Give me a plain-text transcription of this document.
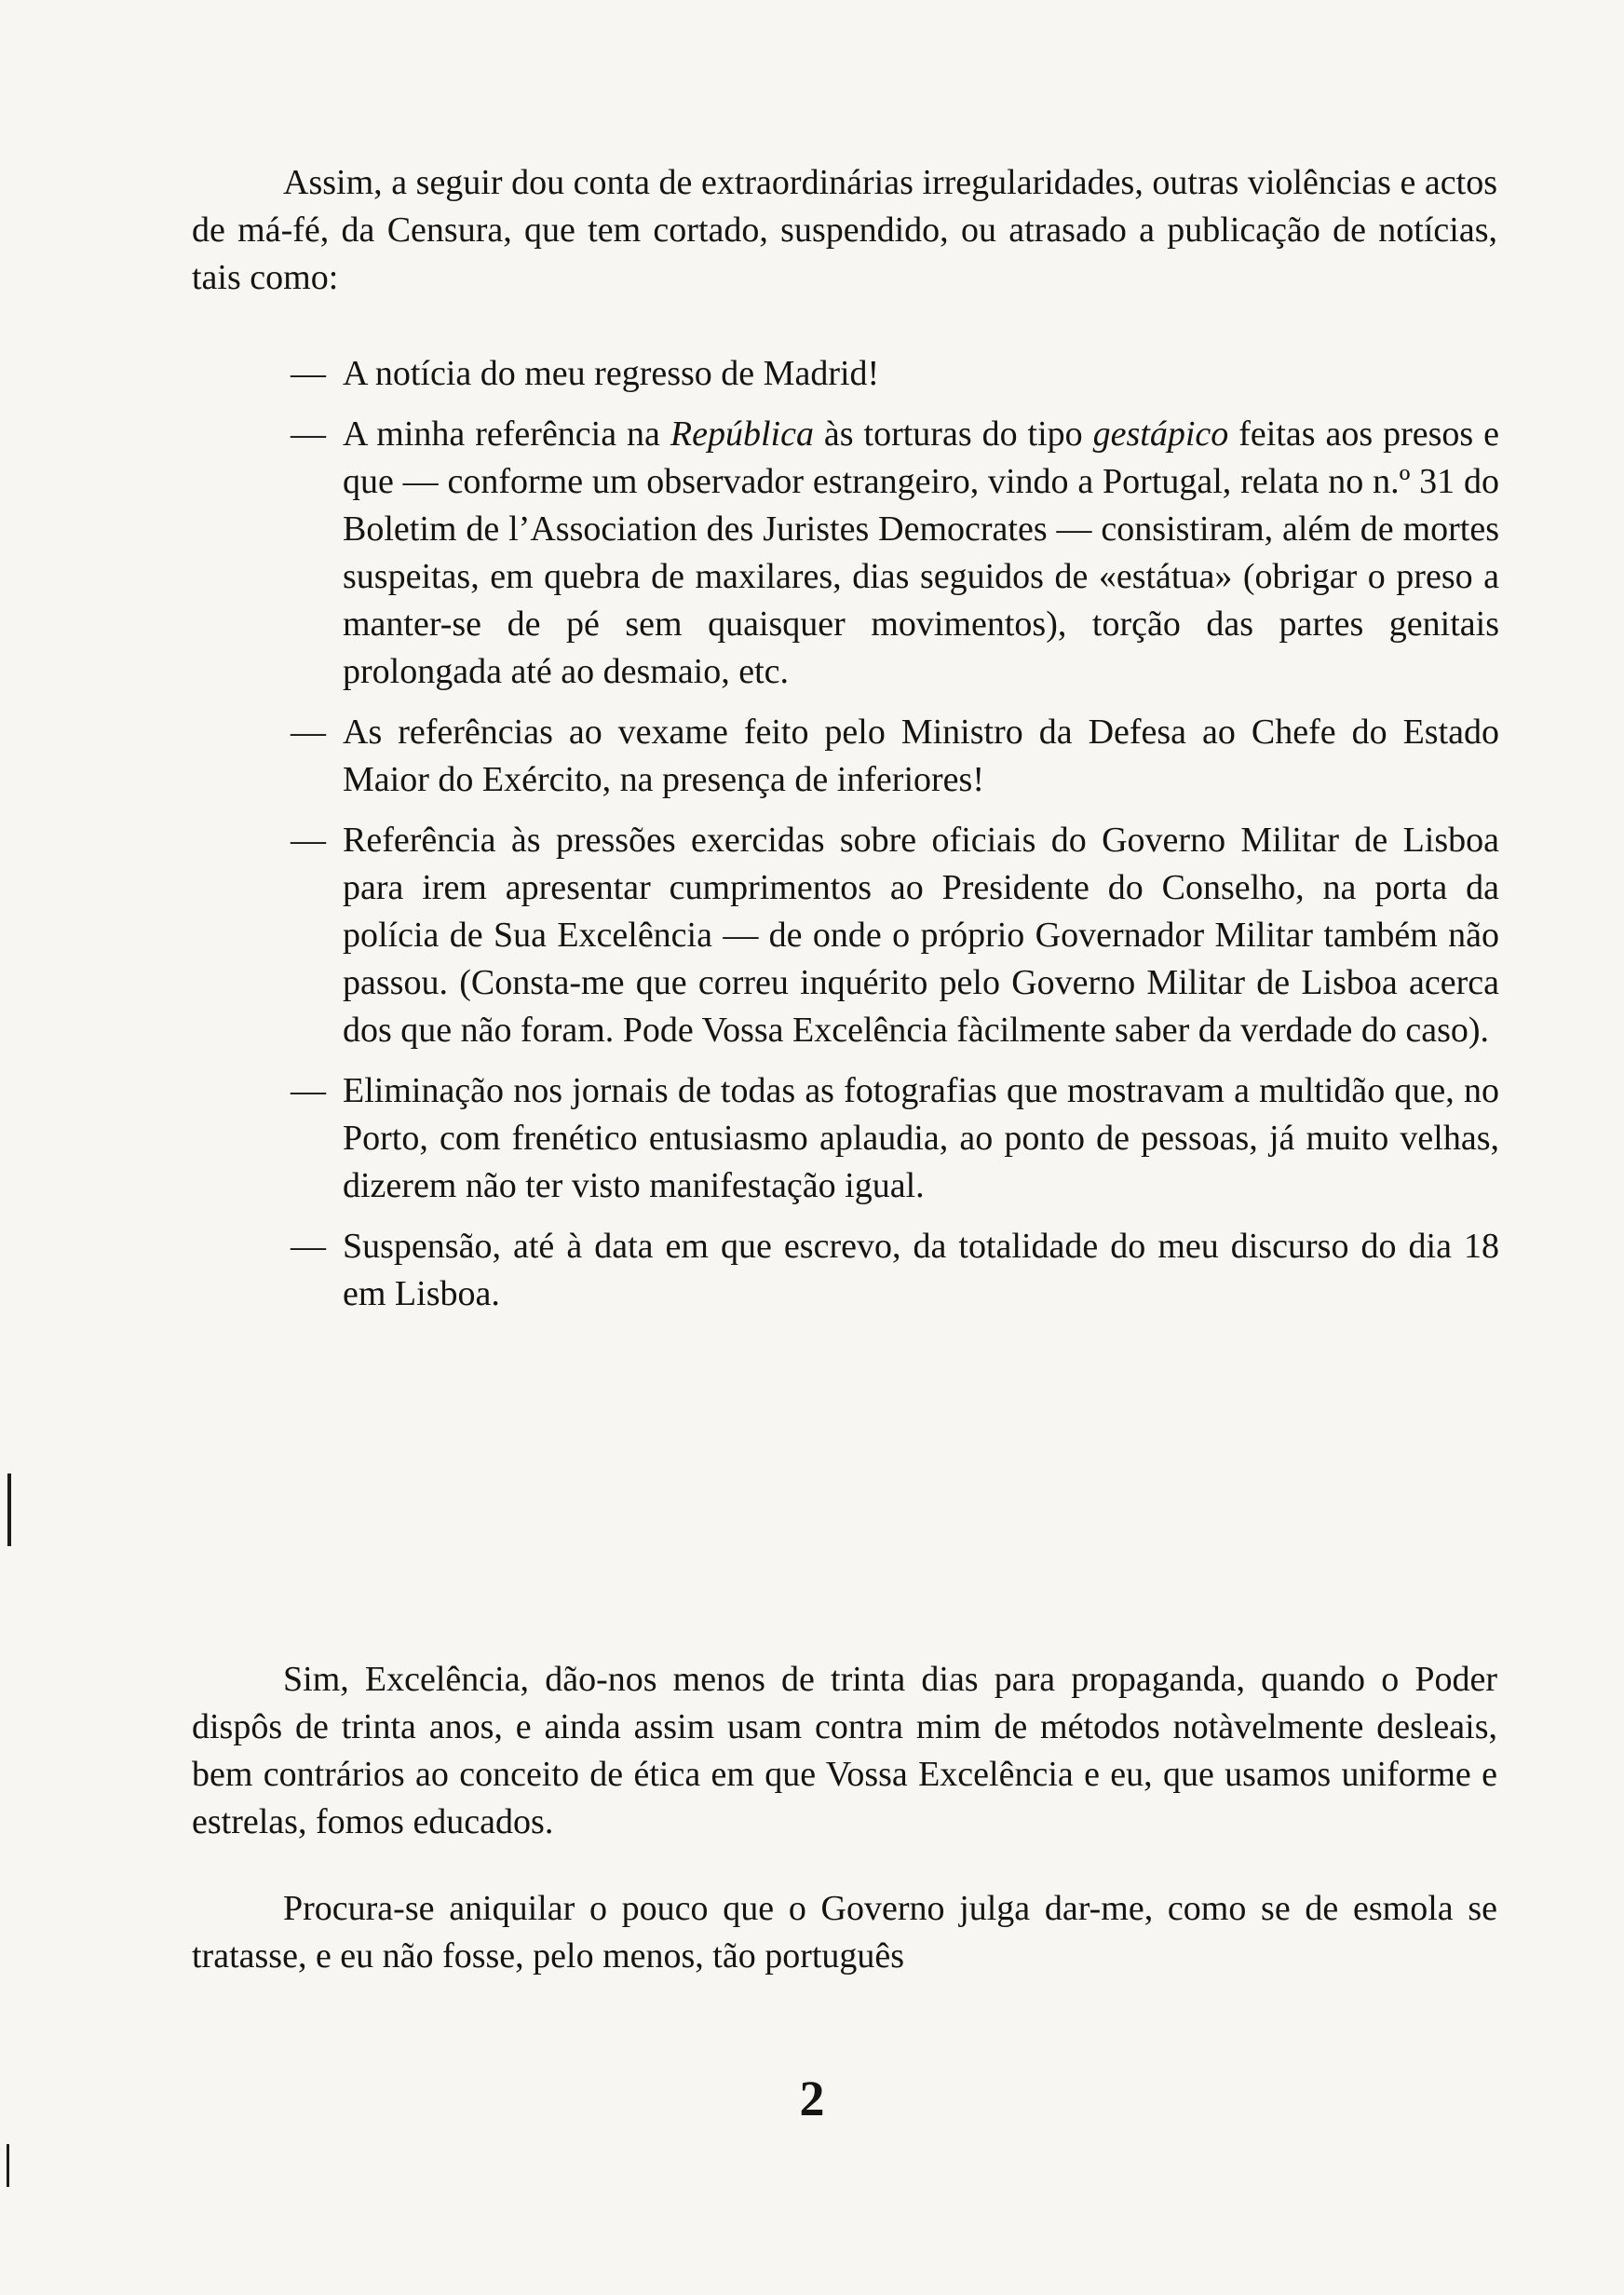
Assim, a seguir dou conta de extraordinárias irregularidades, outras violências e actos de má-fé, da Censura, que tem cortado, suspendido, ou atrasado a publicação de notícias, tais como:

— A notícia do meu regresso de Madrid!
— A minha referência na República às torturas do tipo gestápico feitas aos presos e que — conforme um observador estrangeiro, vindo a Portugal, relata no n.º 31 do Boletim de l’Association des Juristes Democrates — consistiram, além de mortes suspeitas, em quebra de maxilares, dias seguidos de «estátua» (obrigar o preso a manter-se de pé sem quaisquer movimentos), torção das partes genitais prolongada até ao desmaio, etc.
— As referências ao vexame feito pelo Ministro da Defesa ao Chefe do Estado Maior do Exército, na presença de inferiores!
— Referência às pressões exercidas sobre oficiais do Governo Militar de Lisboa para irem apresentar cumprimentos ao Presidente do Conselho, na porta da polícia de Sua Excelência — de onde o próprio Governador Militar também não passou. (Consta-me que correu inquérito pelo Governo Militar de Lisboa acerca dos que não foram. Pode Vossa Excelência fàcilmente saber da verdade do caso).
— Eliminação nos jornais de todas as fotografias que mostravam a multidão que, no Porto, com frenético entusiasmo aplaudia, ao ponto de pessoas, já muito velhas, dizerem não ter visto manifestação igual.
— Suspensão, até à data em que escrevo, da totalidade do meu discurso do dia 18 em Lisboa.

Sim, Excelência, dão-nos menos de trinta dias para propaganda, quando o Poder dispôs de trinta anos, e ainda assim usam contra mim de métodos notàvelmente desleais, bem contrários ao conceito de ética em que Vossa Excelência e eu, que usamos uniforme e estrelas, fomos educados.

Procura-se aniquilar o pouco que o Governo julga dar-me, como se de esmola se tratasse, e eu não fosse, pelo menos, tão português

2
